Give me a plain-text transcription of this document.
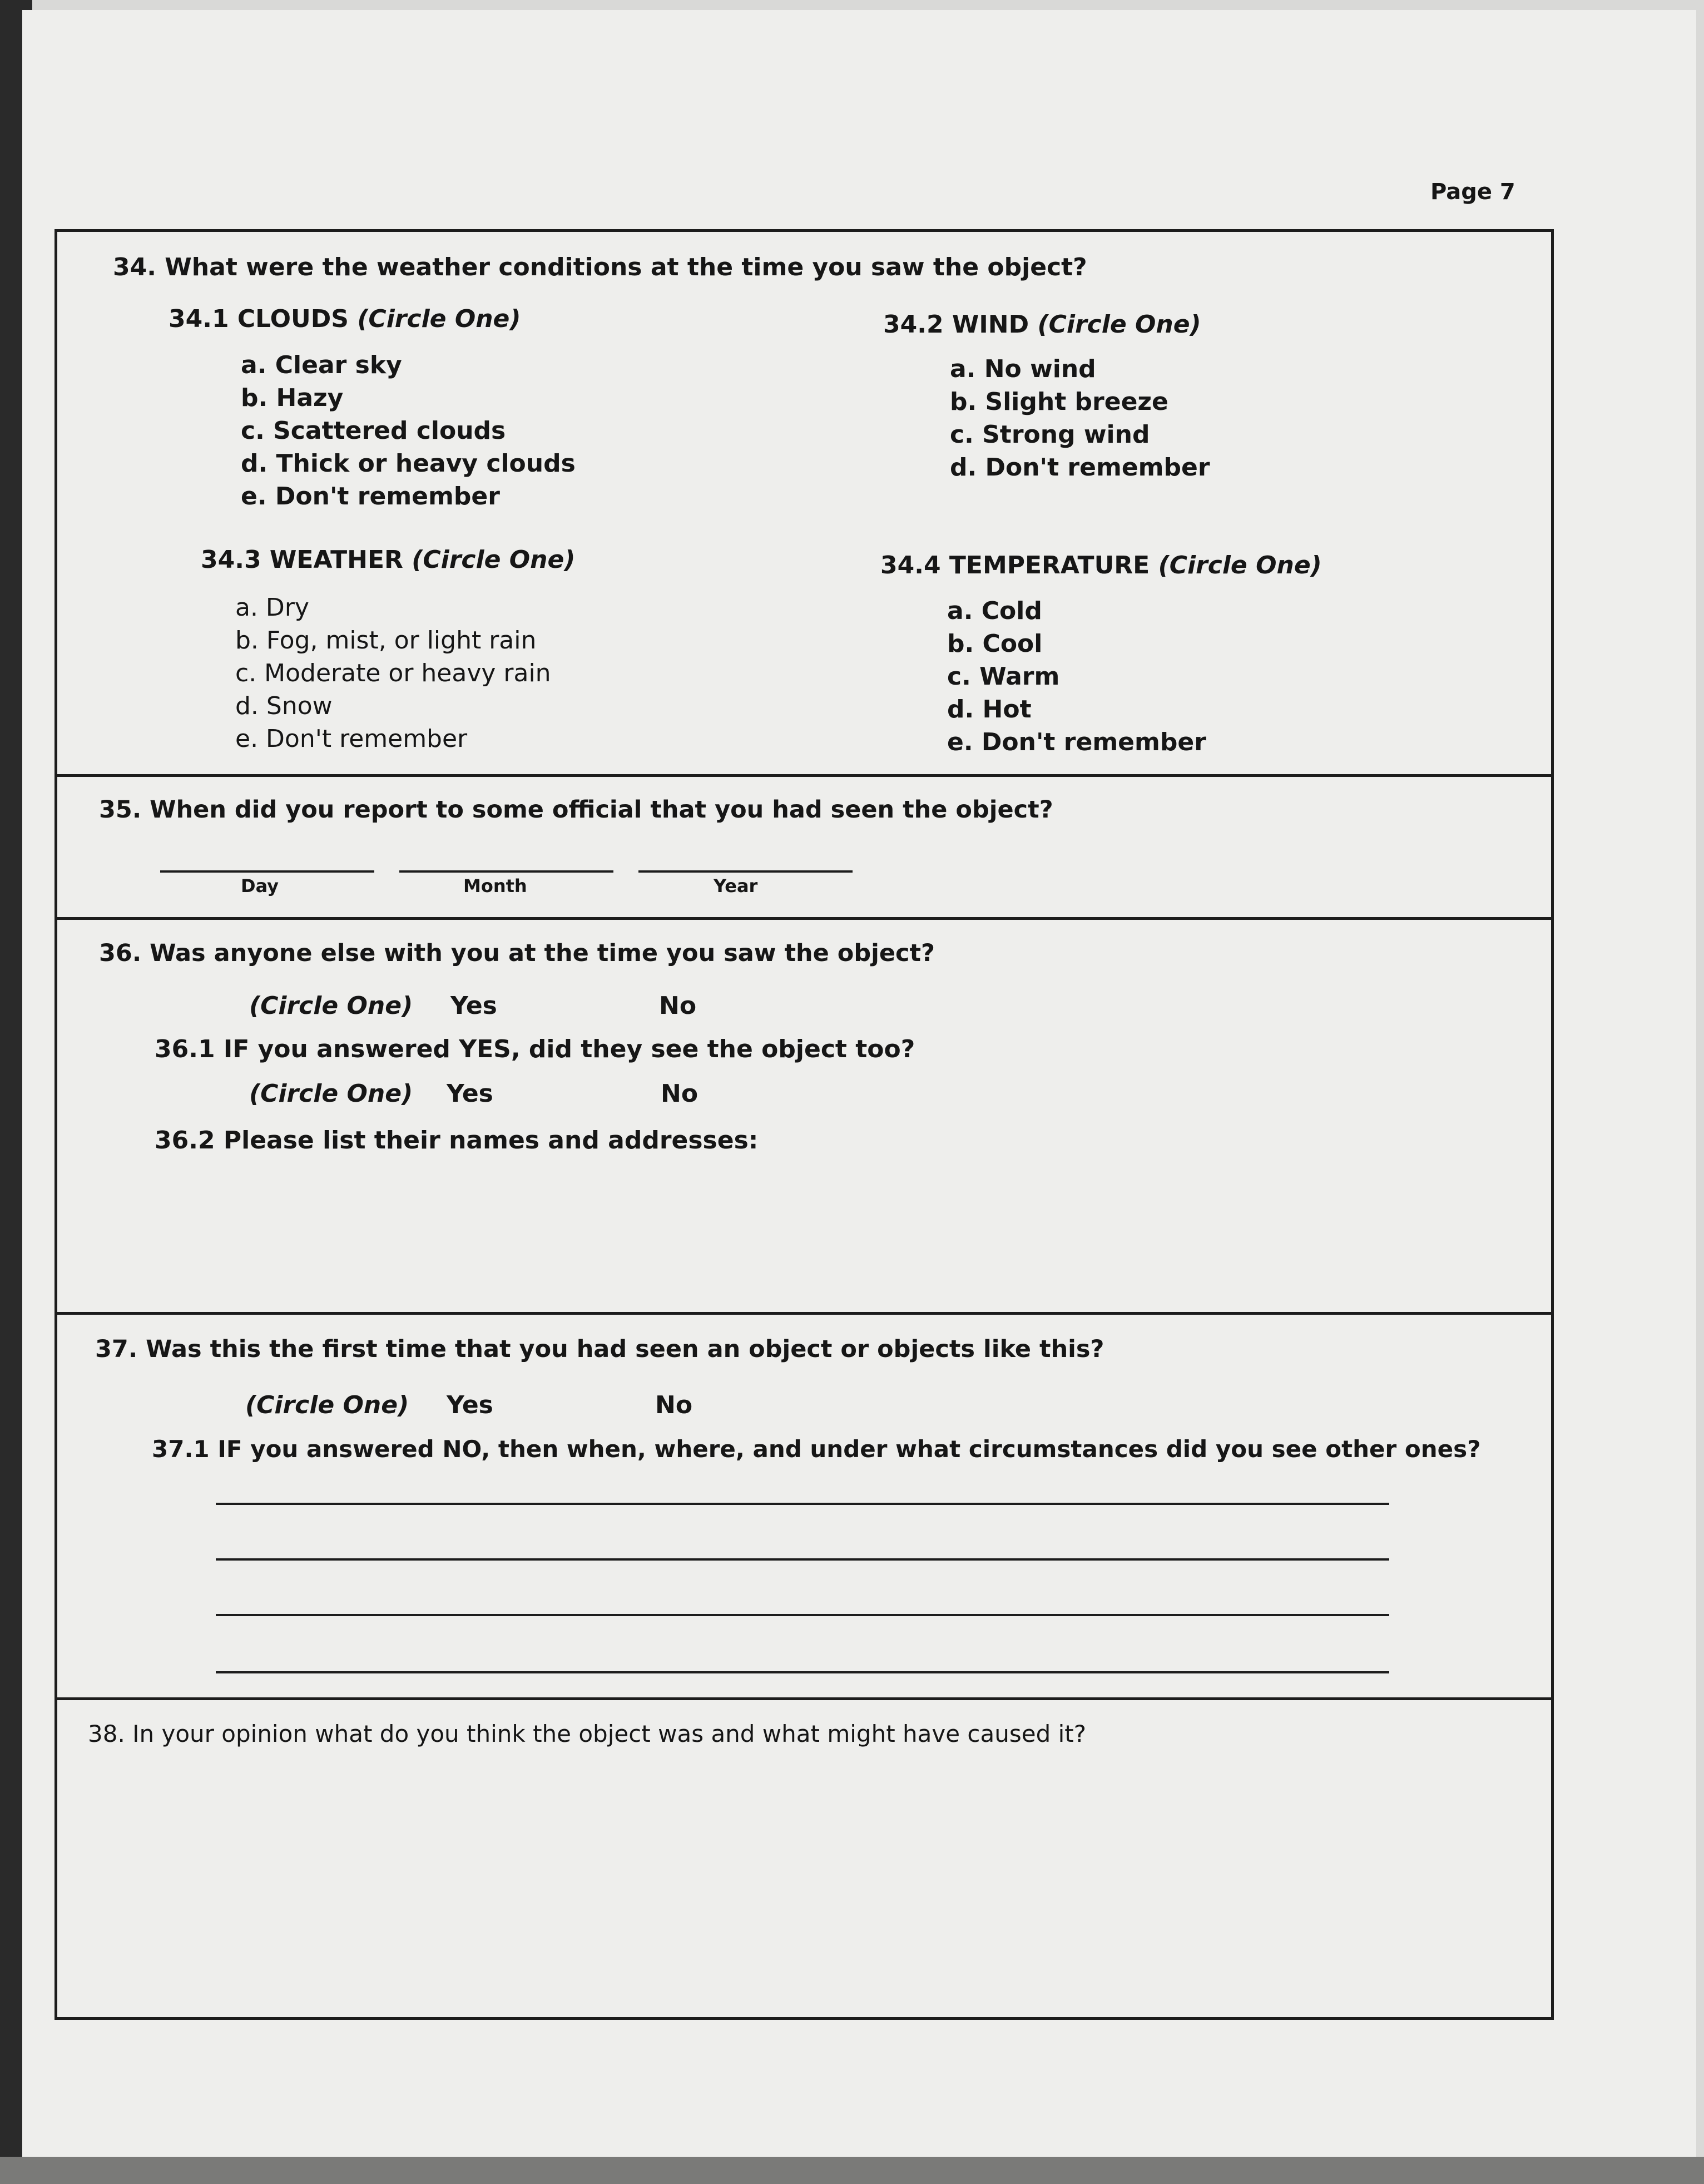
Page 7
34. What were the weather conditions at the time you saw the object?
34.1 CLOUDS (Circle One)
a. Clear sky
b. Hazy
c. Scattered clouds
d. Thick or heavy clouds
e. Don't remember
34.2 WIND (Circle One)
a. No wind
b. Slight breeze
c. Strong wind
d. Don't remember
34.3 WEATHER (Circle One)
a. Dry
b. Fog, mist, or light rain
c. Moderate or heavy rain
d. Snow
e. Don't remember
34.4 TEMPERATURE (Circle One)
a. Cold
b. Cool
c. Warm
d. Hot
e. Don't remember
35. When did you report to some official that you had seen the object?
Day	Month	Year
36. Was anyone else with you at the time you saw the object?
(Circle One) Yes	No
36.1 IF you answered YES, did they see the object too?
(Circle One) Yes	No
36.2 Please list their names and addresses:
37. Was this the first time that you had seen an object or objects like this?
(Circle One) Yes	No
37.1 IF you answered NO, then when, where, and under what circumstances did you see other ones?
38. In your opinion what do you think the object was and what might have caused it?
